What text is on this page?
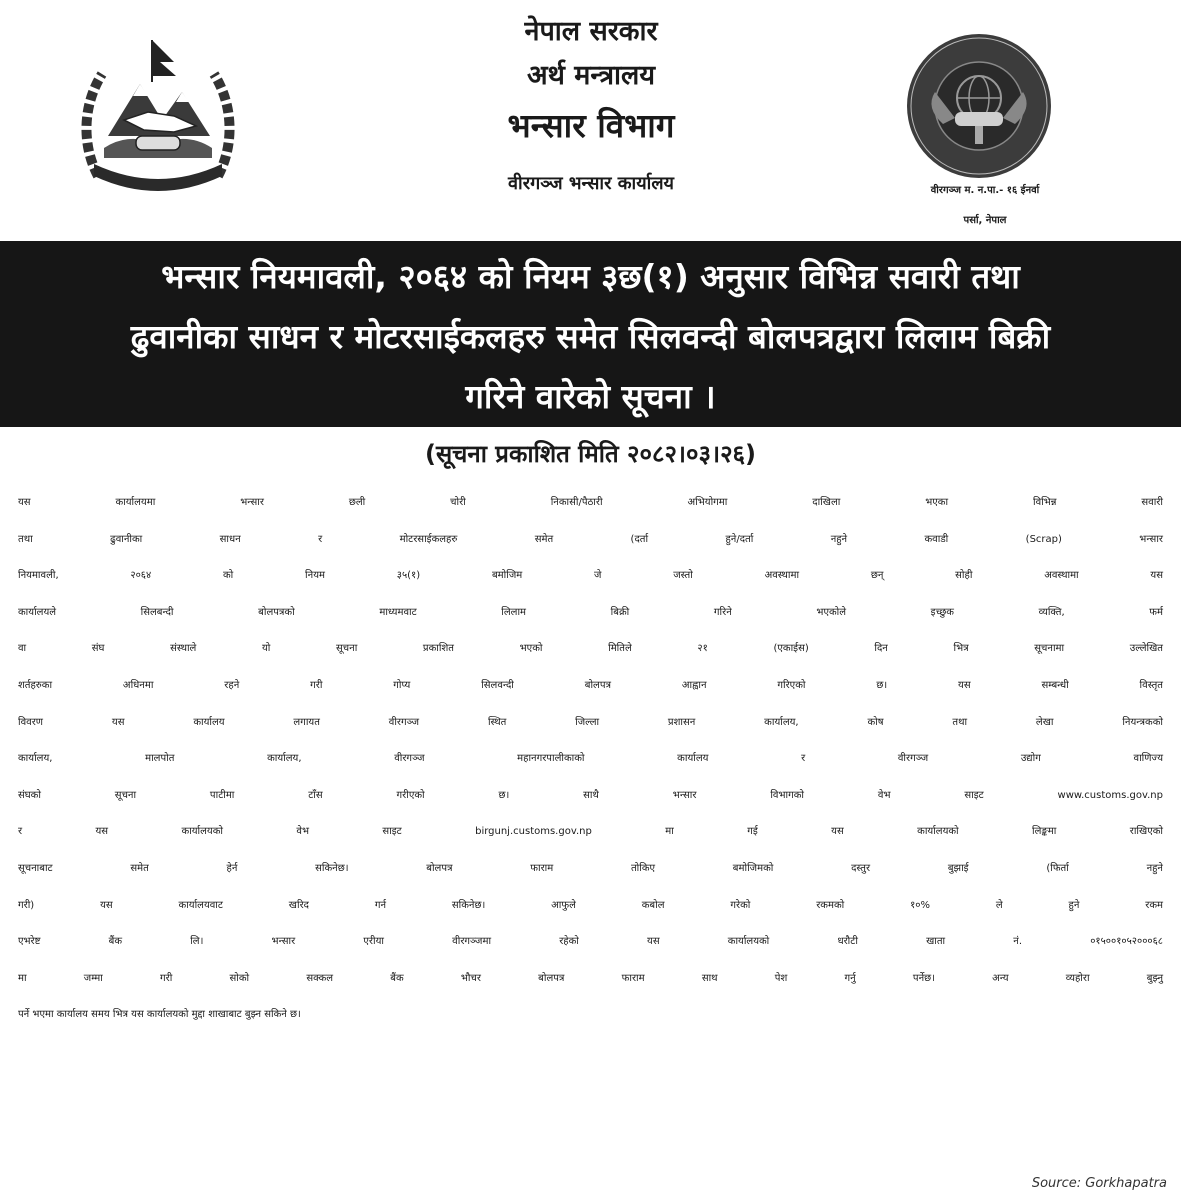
नेपाल सरकार
अर्थ मन्त्रालय
भन्सार विभाग
वीरगञ्ज भन्सार कार्यालय	वीरगञ्ज म. न.पा.- १६ ईनर्वा
पर्सा, नेपाल
भन्सार नियमावली, २०६४ को नियम ३छ(१) अनुसार विभिन्न सवारी तथा
ढुवानीका साधन र मोटरसाईकलहरु समेत सिलवन्दी बोलपत्रद्वारा लिलाम बिक्री
गरिने वारेको सूचना ।
(सूचना प्रकाशित मिति २०८२।०३।२६)
यस कार्यालयमा भन्सार छली चोरी निकासी/पैठारी अभियोगमा दाखिला भएका विभिन्न सवारी
तथा ढुवानीका साधन र मोटरसाईकलहरु समेत (दर्ता हुने/दर्ता नहुने कवाडी (Scrap) भन्सार
नियमावली, २०६४ को नियम ३५(१) बमोजिम जे जस्तो अवस्थामा छन् सोही अवस्थामा यस
कार्यालयले सिलबन्दी बोलपत्रको माध्यमवाट लिलाम बिक्री गरिने भएकोले इच्छुक व्यक्ति, फर्म
वा संघ संस्थाले यो सूचना प्रकाशित भएको मितिले २१ (एकाईस) दिन भित्र सूचनामा उल्लेखित
शर्तहरुका अधिनमा रहने गरी गोप्य सिलवन्दी बोलपत्र आह्वान गरिएको छ। यस सम्बन्धी विस्तृत
विवरण यस कार्यालय लगायत वीरगञ्ज स्थित जिल्ला प्रशासन कार्यालय, कोष तथा लेखा नियन्त्रकको
कार्यालय, मालपोत कार्यालय, वीरगञ्ज महानगरपालीकाको कार्यालय र वीरगञ्ज उद्योग वाणिज्य
संघको सूचना पाटीमा टाँस गरीएको छ। साथै भन्सार विभागको वेभ साइट www.customs.gov.np
र यस कार्यालयको वेभ साइट birgunj.customs.gov.np मा गई यस कार्यालयको लिङ्कमा राखिएको
सूचनाबाट समेत हेर्न सकिनेछ। बोलपत्र फाराम तोकिए बमोजिमको दस्तुर बुझाई (फिर्ता नहुने
गरी) यस कार्यालयवाट खरिद गर्न सकिनेछ। आफुले कबोल गरेको रकमको १०% ले हुने रकम
एभरेष्ट बैंक लि। भन्सार एरीया वीरगञ्जमा रहेको यस कार्यालयको धरौटी खाता नं. ०१५००१०५२०००६८
मा जम्मा गरी सोको सक्कल बैंक भौचर बोलपत्र फाराम साथ पेश गर्नु पर्नेछ। अन्य व्यहोरा बुझ्नु
पर्ने भएमा कार्यालय समय भित्र यस कार्यालयको मुद्दा शाखाबाट बुझ्न सकिने छ।
Source: Gorkhapatra
